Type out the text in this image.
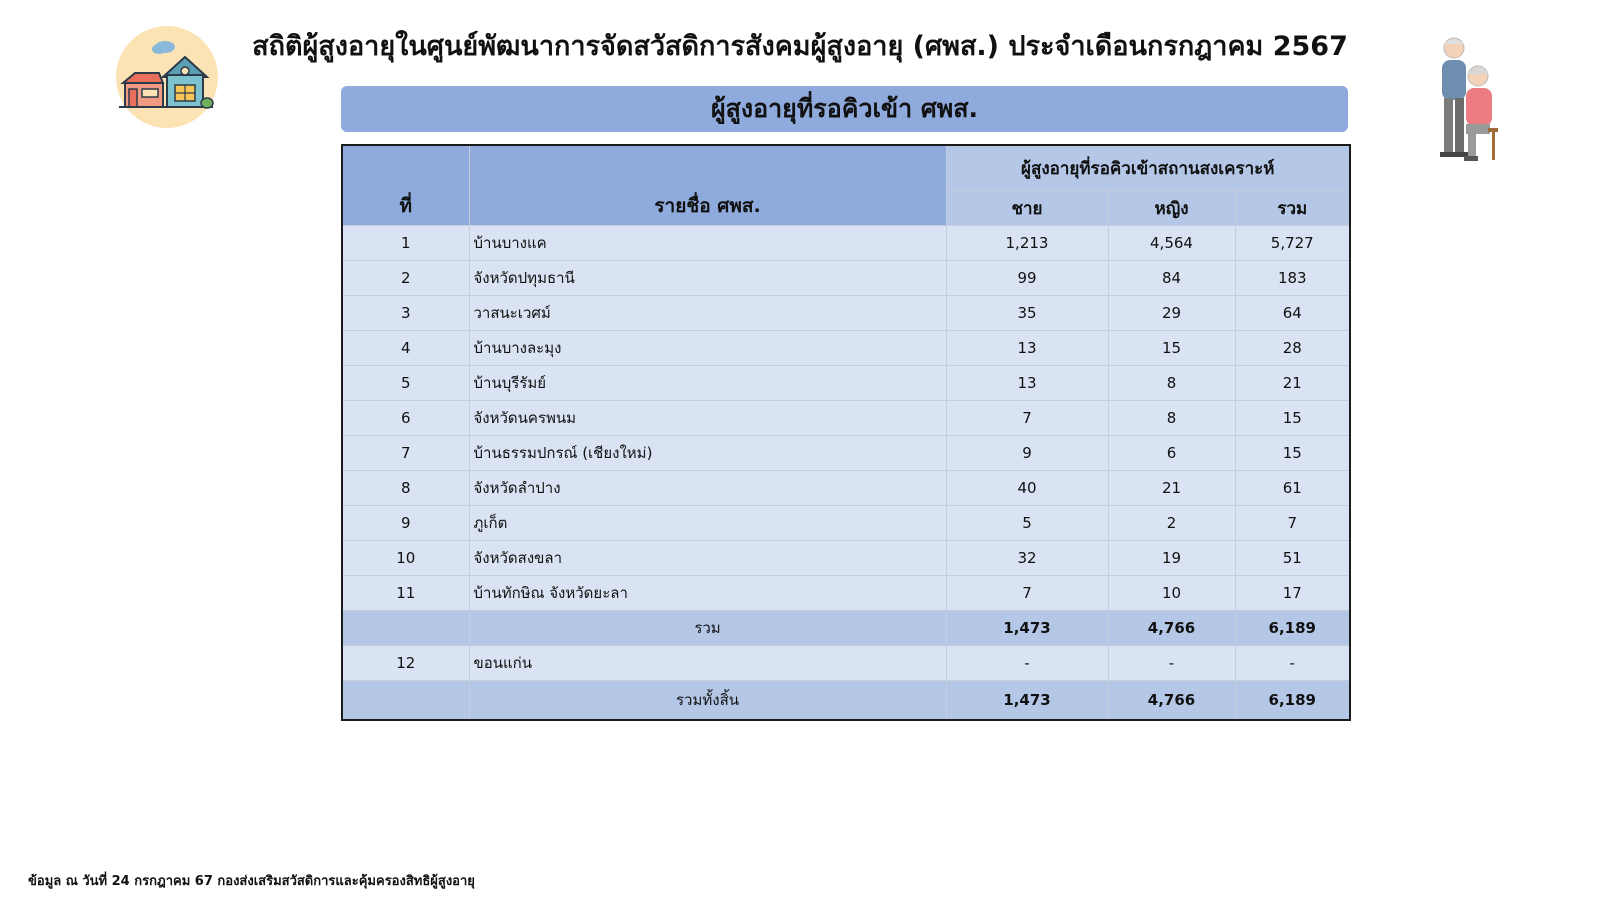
สถิติผู้สูงอายุในศูนย์พัฒนาการจัดสวัสดิการสังคมผู้สูงอายุ (ศพส.) ประจำเดือนกรกฎาคม 2567
ผู้สูงอายุที่รอคิวเข้า ศพส.
ที่	รายชื่อ ศพส.	ผู้สูงอายุที่รอคิวเข้าสถานสงเคราะห์		
		ชาย	หญิง	รวม
1	บ้านบางแค	1,213	4,564	5,727
2	จังหวัดปทุมธานี	99	84	183
3	วาสนะเวศม์	35	29	64
4	บ้านบางละมุง	13	15	28
5	บ้านบุรีรัมย์	13	8	21
6	จังหวัดนครพนม	7	8	15
7	บ้านธรรมปกรณ์ (เชียงใหม่)	9	6	15
8	จังหวัดลำปาง	40	21	61
9	ภูเก็ต	5	2	7
10	จังหวัดสงขลา	32	19	51
11	บ้านทักษิณ จังหวัดยะลา	7	10	17
	รวม	1,473	4,766	6,189
12	ขอนแก่น	-	-	-
	รวมทั้งสิ้น	1,473	4,766	6,189
ข้อมูล ณ วันที่ 24 กรกฎาคม 67 กองส่งเสริมสวัสดิการและคุ้มครองสิทธิผู้สูงอายุ
